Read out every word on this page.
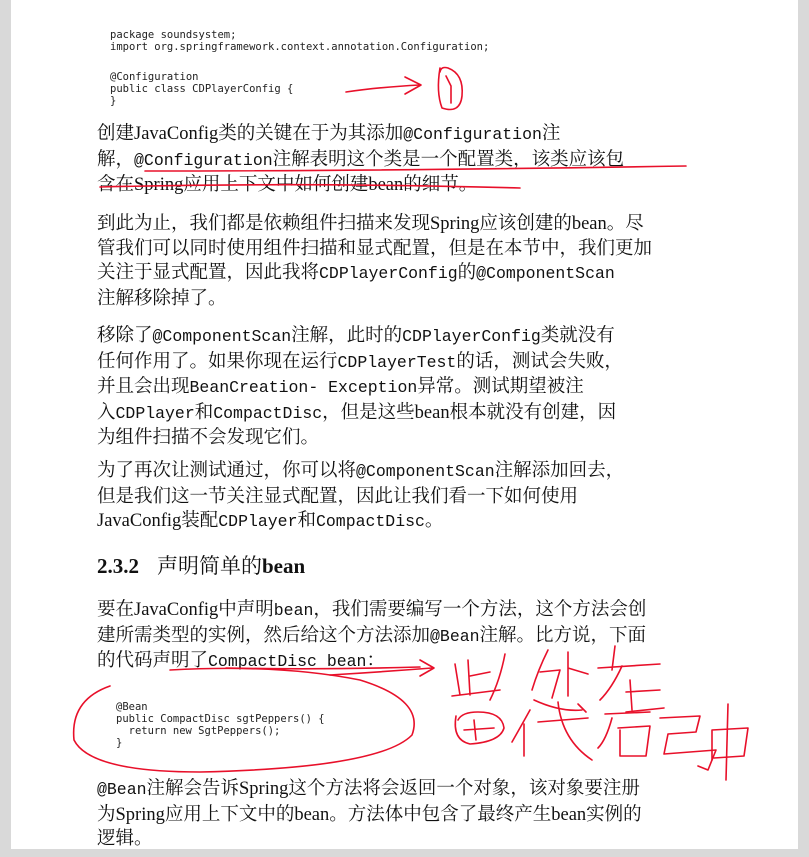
package soundsystem;
import org.springframework.context.annotation.Configuration;

@Configuration
public class CDPlayerConfig {
}

创建JavaConfig类的关键在于为其添加@Configuration注
解，@Configuration注解表明这个类是一个配置类，该类应该包
含在Spring应用上下文中如何创建bean的细节。
到此为止，我们都是依赖组件扫描来发现Spring应该创建的bean。尽
管我们可以同时使用组件扫描和显式配置，但是在本节中，我们更加
关注于显式配置，因此我将CDPlayerConfig的@ComponentScan
注解移除掉了。
移除了@ComponentScan注解，此时的CDPlayerConfig类就没有
任何作用了。如果你现在运行CDPlayerTest的话，测试会失败，
并且会出现BeanCreation- Exception异常。测试期望被注
入CDPlayer和CompactDisc，但是这些bean根本就没有创建，因
为组件扫描不会发现它们。
为了再次让测试通过，你可以将@ComponentScan注解添加回去，
但是我们这一节关注显式配置，因此让我们看一下如何使用
JavaConfig装配CDPlayer和CompactDisc。
2.3.2 声明简单的bean
要在JavaConfig中声明bean，我们需要编写一个方法，这个方法会创
建所需类型的实例，然后给这个方法添加@Bean注解。比方说，下面
的代码声明了CompactDisc bean：

@Bean
public CompactDisc sgtPeppers() {
return new SgtPeppers();
}

@Bean注解会告诉Spring这个方法将会返回一个对象，该对象要注册
为Spring应用上下文中的bean。方法体中包含了最终产生bean实例的
逻辑。
